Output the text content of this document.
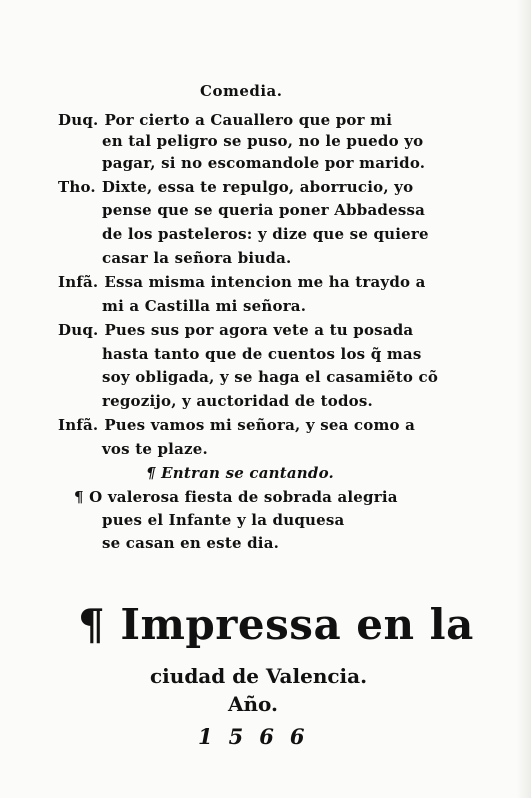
Comedia.
Duq. Por cierto a Cauallero que por mi
en tal peligro se puso, no le puedo yo
pagar, si no escomandole por marido.
Tho. Dixte, essa te repulgo, aborrucio, yo
pense que se queria poner Abbadessa
de los pasteleros: y dize que se quiere
casar la señora biuda.
Infã. Essa misma intencion me ha traydo a
mi a Castilla mi señora.
Duq. Pues sus por agora vete a tu posada
hasta tanto que de cuentos los q̃ mas
soy obligada, y se haga el casamiẽto cõ
regozijo, y auctoridad de todos.
Infã. Pues vamos mi señora, y sea como a
vos te plaze.
¶ Entran se cantando.
¶ O valerosa fiesta de sobrada alegria
pues el Infante y la duquesa
se casan en este dia.
¶ Impressa en la
ciudad de Valencia.
Año.
1566
